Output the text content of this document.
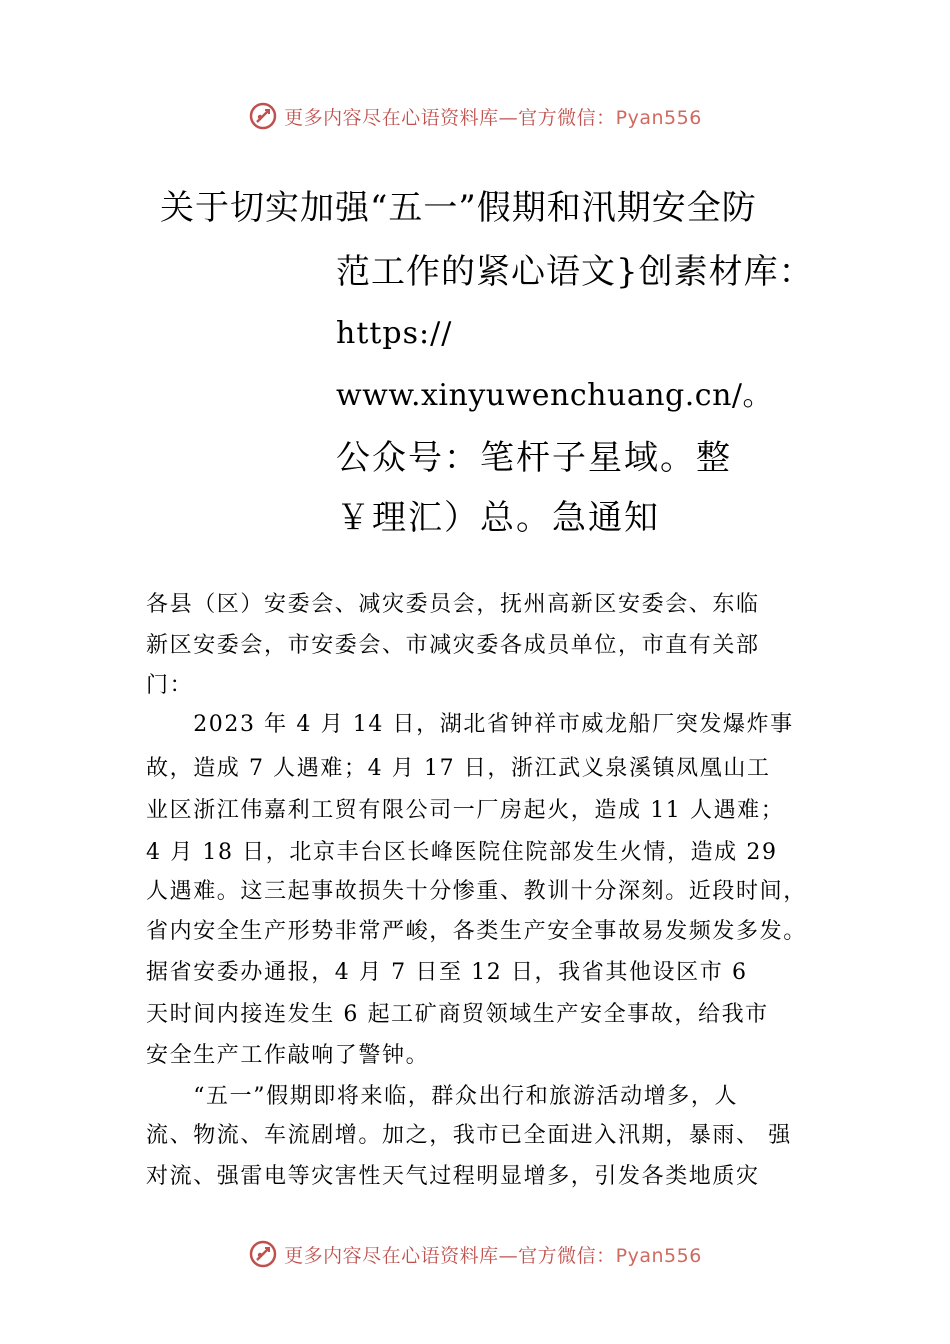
更多内容尽在心语资料库—官方微信：Pyan556
关于切实加强“五一”假期和汛期安全防
范工作的紧心语文}创素材库：
https://
www.xinyuwenchuang.cn/。
公众号：笔杆子星域。整
￥理汇）总。急通知
各县（区）安委会、减灾委员会，抚州高新区安委会、东临
新区安委会，市安委会、市减灾委各成员单位，市直有关部
门：
　　2023 年 4 月 14 日，湖北省钟祥市威龙船厂突发爆炸事
故，造成 7 人遇难；4 月 17 日，浙江武义泉溪镇凤凰山工
业区浙江伟嘉利工贸有限公司一厂房起火，造成 11 人遇难；
4 月 18 日，北京丰台区长峰医院住院部发生火情，造成 29
人遇难。这三起事故损失十分惨重、教训十分深刻。近段时间，
省内安全生产形势非常严峻，各类生产安全事故易发频发多发。
据省安委办通报，4 月 7 日至 12 日，我省其他设区市 6
天时间内接连发生 6 起工矿商贸领域生产安全事故，给我市
安全生产工作敲响了警钟。
　　“五一”假期即将来临，群众出行和旅游活动增多，人
流、物流、车流剧增。加之，我市已全面进入汛期，暴雨、 强
对流、强雷电等灾害性天气过程明显增多，引发各类地质灾
更多内容尽在心语资料库—官方微信：Pyan556
